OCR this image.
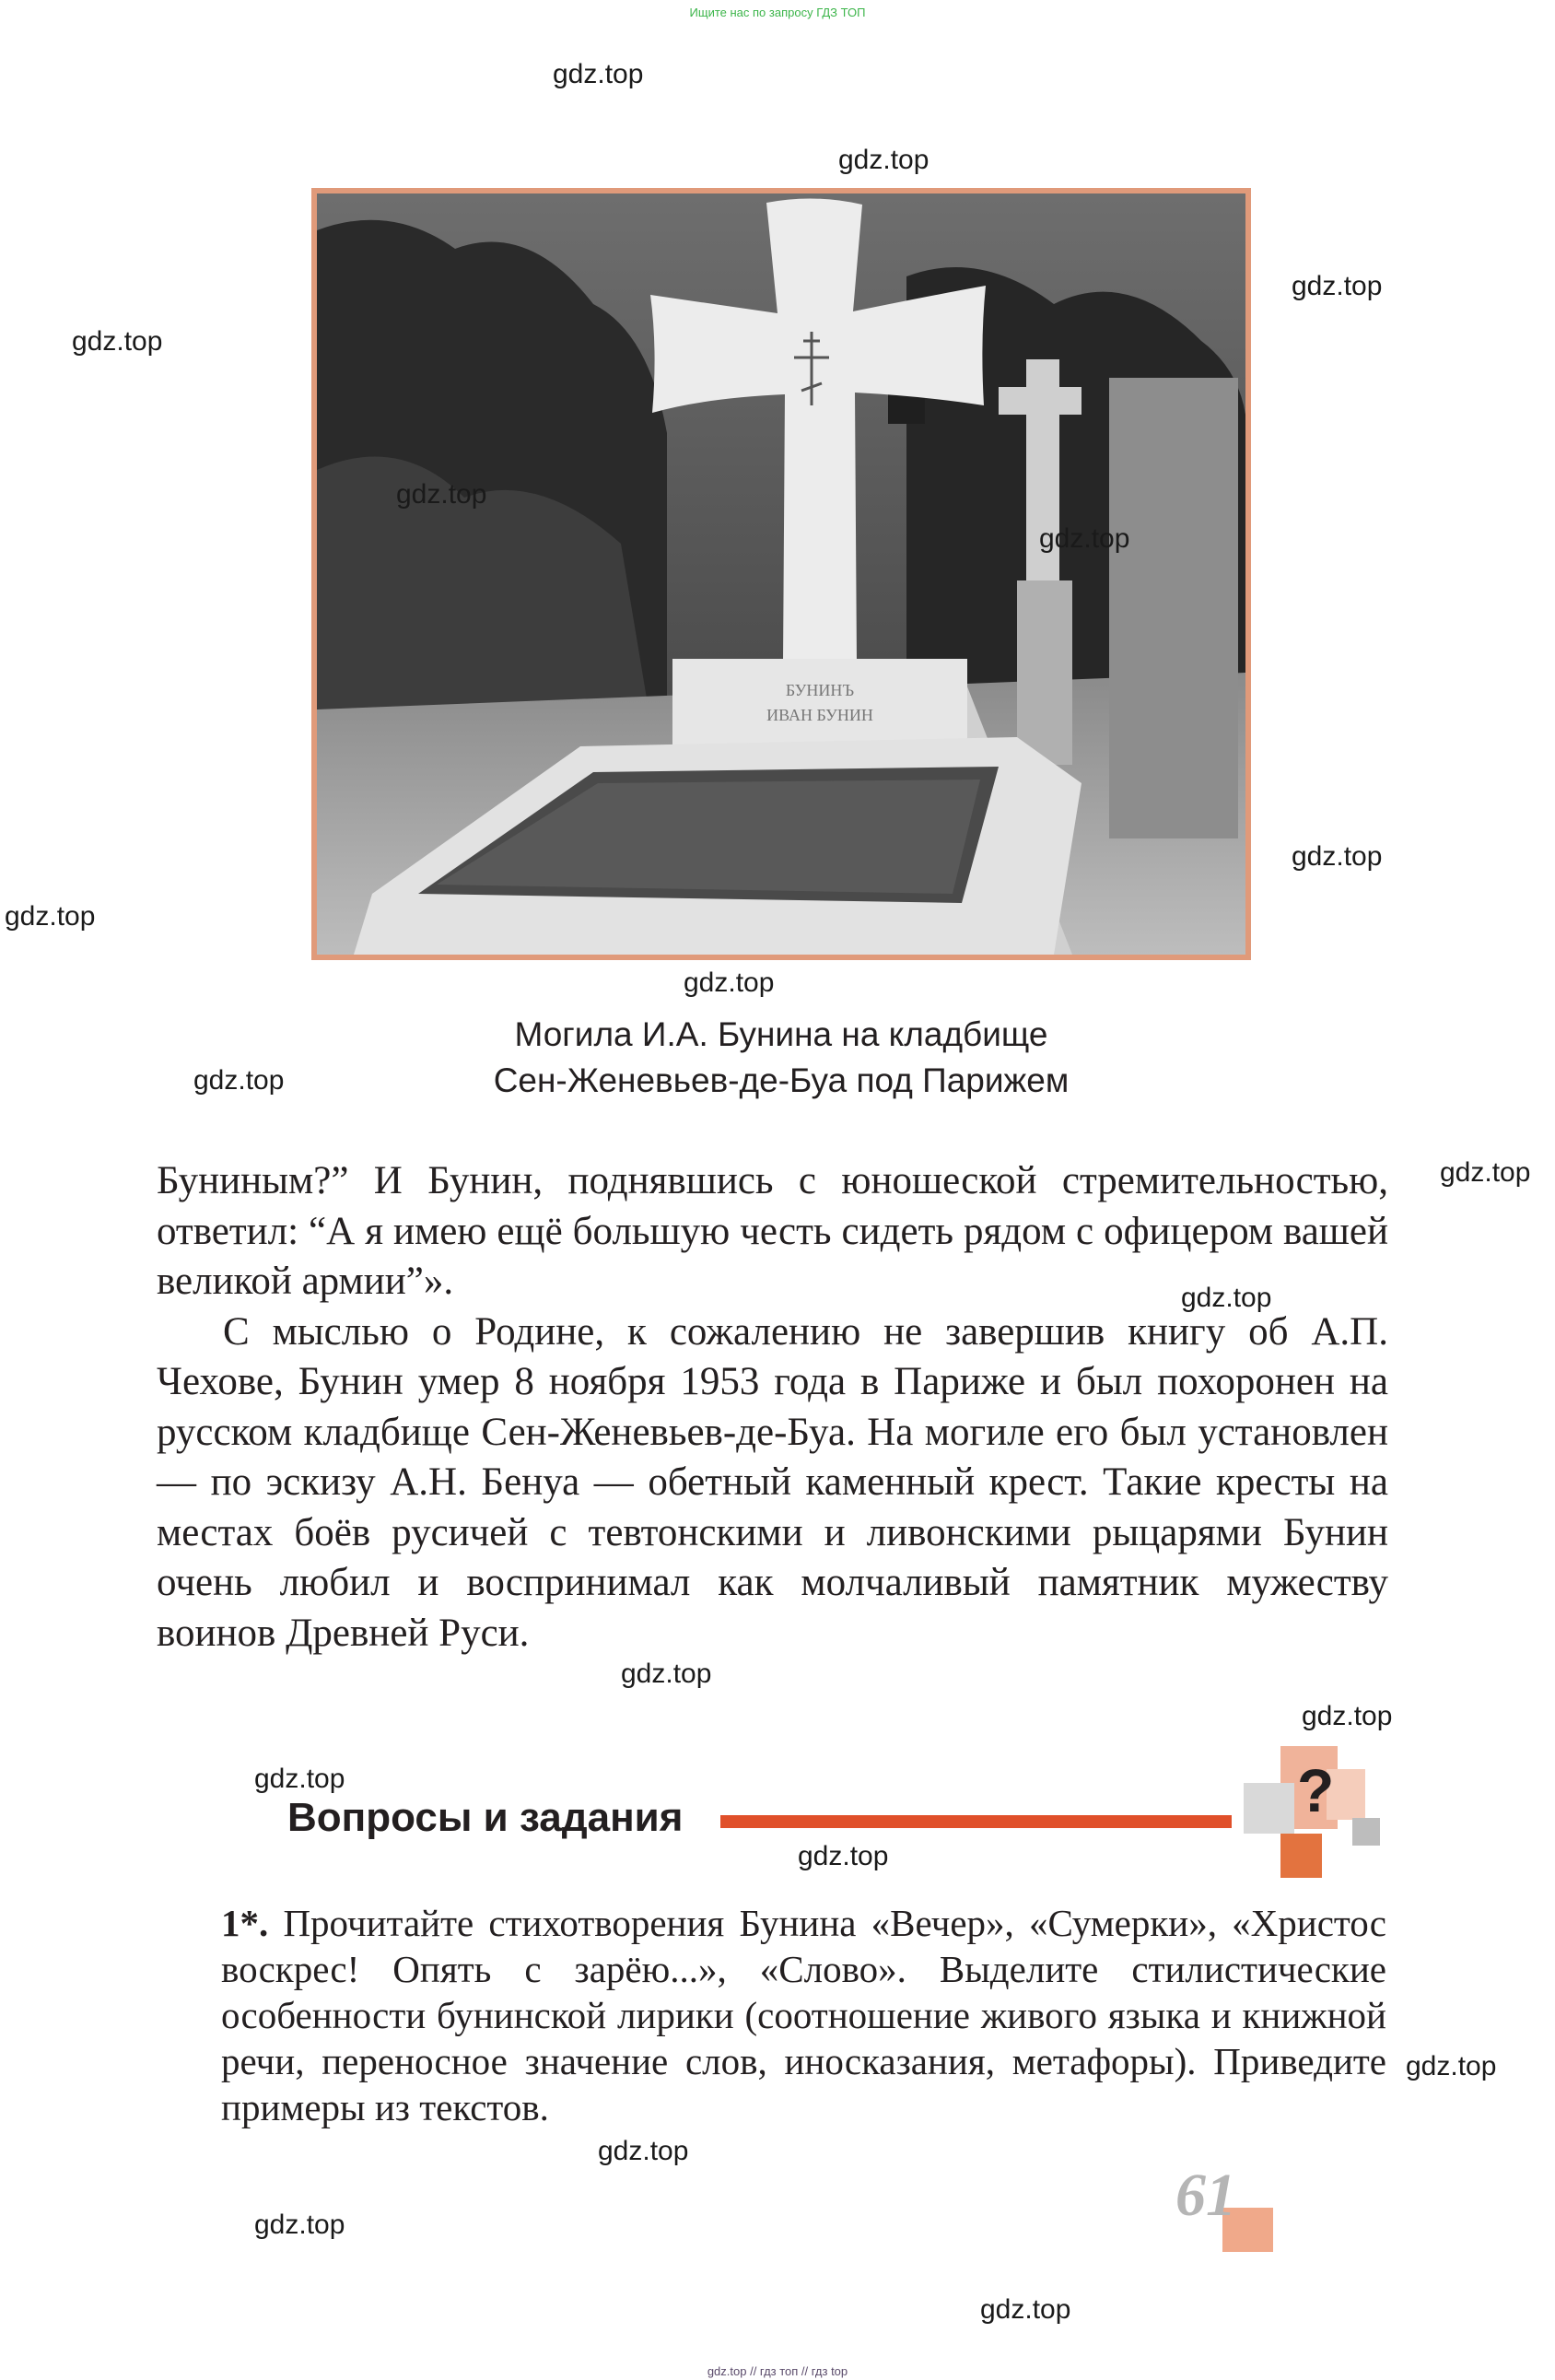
Ищите нас по запросу ГДЗ ТОП
БУНИНЪ
ИВАН БУНИН
Могила И.А. Бунина на кладбище
Сен-Женевьев-де-Буа под Парижем

Буниным?” И Бунин, поднявшись с юношеской стремительностью, ответил: “А я имею ещё большую честь сидеть рядом с офицером вашей великой армии”».

С мыслью о Родине, к сожалению не завершив книгу об А.П. Чехове, Бунин умер 8 ноября 1953 года в Париже и был похоронен на русском кладбище Сен-Женевьев-де-Буа. На могиле его был установлен — по эскизу А.Н. Бенуа — обетный каменный крест. Такие кресты на местах боёв русичей с тевтонскими и ливонскими рыцарями Бунин очень любил и воспринимал как молчаливый памятник мужеству воинов Древней Руси.

Вопросы и задания	?

1*. Прочитайте стихотворения Бунина «Вечер», «Сумерки», «Христос воскрес! Опять с зарёю...», «Слово». Выделите стилистические особенности бунинской лирики (соотношение живого языка и книжной речи, переносное значение слов, иносказания, метафоры). Приведите примеры из текстов.

61
gdz.top
gdz.top
gdz.top
gdz.top
gdz.top
gdz.top
gdz.top
gdz.top
gdz.top
gdz.top
gdz.top
gdz.top
gdz.top
gdz.top
gdz.top
gdz.top
gdz.top
gdz.top
gdz.top
gdz.top
gdz.top // гдз топ // гдз top
